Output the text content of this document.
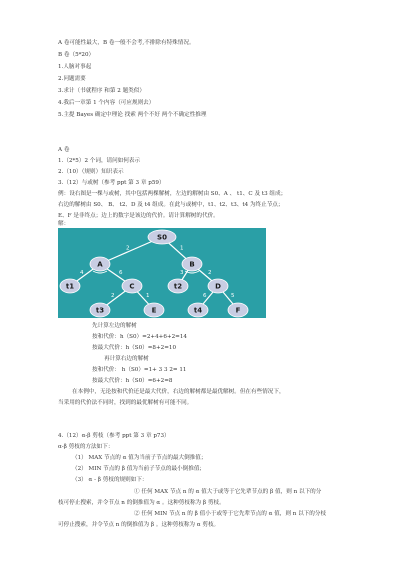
A 卷可能性最大，B 卷一般不会考,不排除有特殊情况。
B 卷（5*20）
1.人脑对事起
2.问题需要
3.求计（书就程序 和第 2 题类似）
4.我后一章第 1 个内容（可应规则去）
5.主提 Bayes 确定中理论 找索 两个不好 两个不确定性推理
A 卷
1.（2*5）2 个词，请问如何表示
2.（10）（规则）知识表示
3.（12）与或树（参考 ppt 第 3 章 p59）
例：设右图是一棵与或树，其中包括两棵解树，左边的解树由 S0、A 、 t1、C 及 t3 组成；
右边的解树由 S0、 B、 t2、D 及 t4 组成。在此与或树中，t1、t2、t3、t4 为终止节点；
E、F 是非终点；边上的数字是该边的代价。请计算解树的代价。
解：
2	1
4	6	3	2
2	1	6	5
S0
A	B
t1	C	t2	D
t3	E	t4	F
先计算左边的解树
按和代价：h（S0）=2+4+6+2=14
按最大代价：h（S0）=8+2=10
再计算右边的解树
按和代价： h（S0）=1+ 3 3 2= 11
按最大代价：h（S0）=6+2=8
在本例中，无论按和代价还是最大代价，右边的解树都是最优解树。但在有些情况下，
当采用的代价法不同时，找到的最优解树有可能不同。
4.（12）α-β 剪枝（参考 ppt 第 3 章 p73）
α-β 剪枝的方法如下：
（1） MAX 节点的 α 值为当前子节点的最大倒推值；
（2） MIN 节点的 β 值为当前子节点的最小倒推值；
（3） α - β 剪枝的规则如下：
① 任何 MAX 节点 n 的 α 值大于或等于它先辈节点的 β 值，则 n 以下的分
枝可停止搜索，并令节点 n 的倒推值为 α 。这种剪枝称为 β 剪枝。
② 任何 MIN 节点 n 的 β 值小于或等于它先辈节点的 α 值，则 n 以下的分枝
可停止搜索，并令节点 n 的倒推值为 β 。这种剪枝称为 α 剪枝。
